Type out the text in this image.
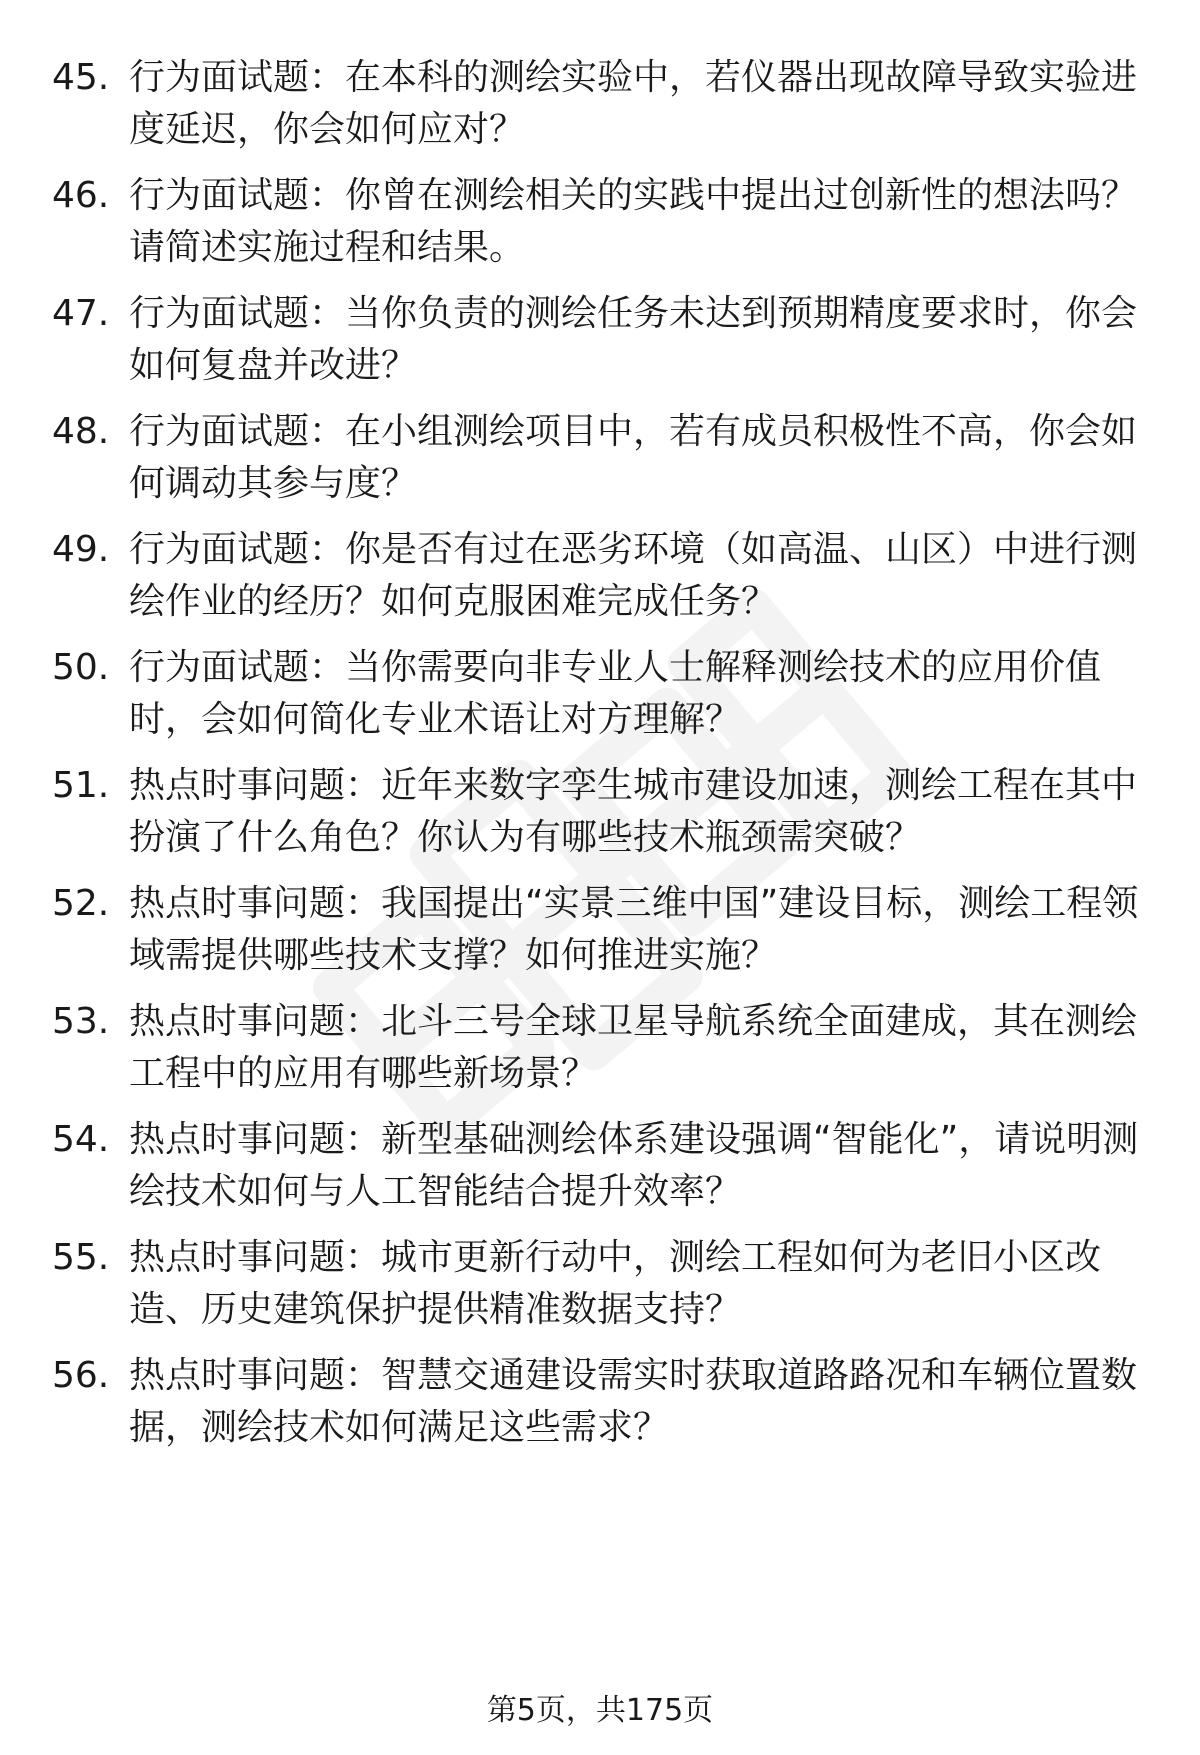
45. 行为面试题：在本科的测绘实验中，若仪器出现故障导致实验进度延迟，你会如何应对？
46. 行为面试题：你曾在测绘相关的实践中提出过创新性的想法吗？请简述实施过程和结果。
47. 行为面试题：当你负责的测绘任务未达到预期精度要求时，你会如何复盘并改进？
48. 行为面试题：在小组测绘项目中，若有成员积极性不高，你会如何调动其参与度？
49. 行为面试题：你是否有过在恶劣环境（如高温、山区）中进行测绘作业的经历？如何克服困难完成任务？
50. 行为面试题：当你需要向非专业人士解释测绘技术的应用价值时，会如何简化专业术语让对方理解？
51. 热点时事问题：近年来数字孪生城市建设加速，测绘工程在其中扮演了什么角色？你认为有哪些技术瓶颈需突破？
52. 热点时事问题：我国提出“实景三维中国”建设目标，测绘工程领域需提供哪些技术支撑？如何推进实施？
53. 热点时事问题：北斗三号全球卫星导航系统全面建成，其在测绘工程中的应用有哪些新场景？
54. 热点时事问题：新型基础测绘体系建设强调“智能化”，请说明测绘技术如何与人工智能结合提升效率？
55. 热点时事问题：城市更新行动中，测绘工程如何为老旧小区改造、历史建筑保护提供精准数据支持？
56. 热点时事问题：智慧交通建设需实时获取道路路况和车辆位置数据，测绘技术如何满足这些需求？
第5页，共175页
